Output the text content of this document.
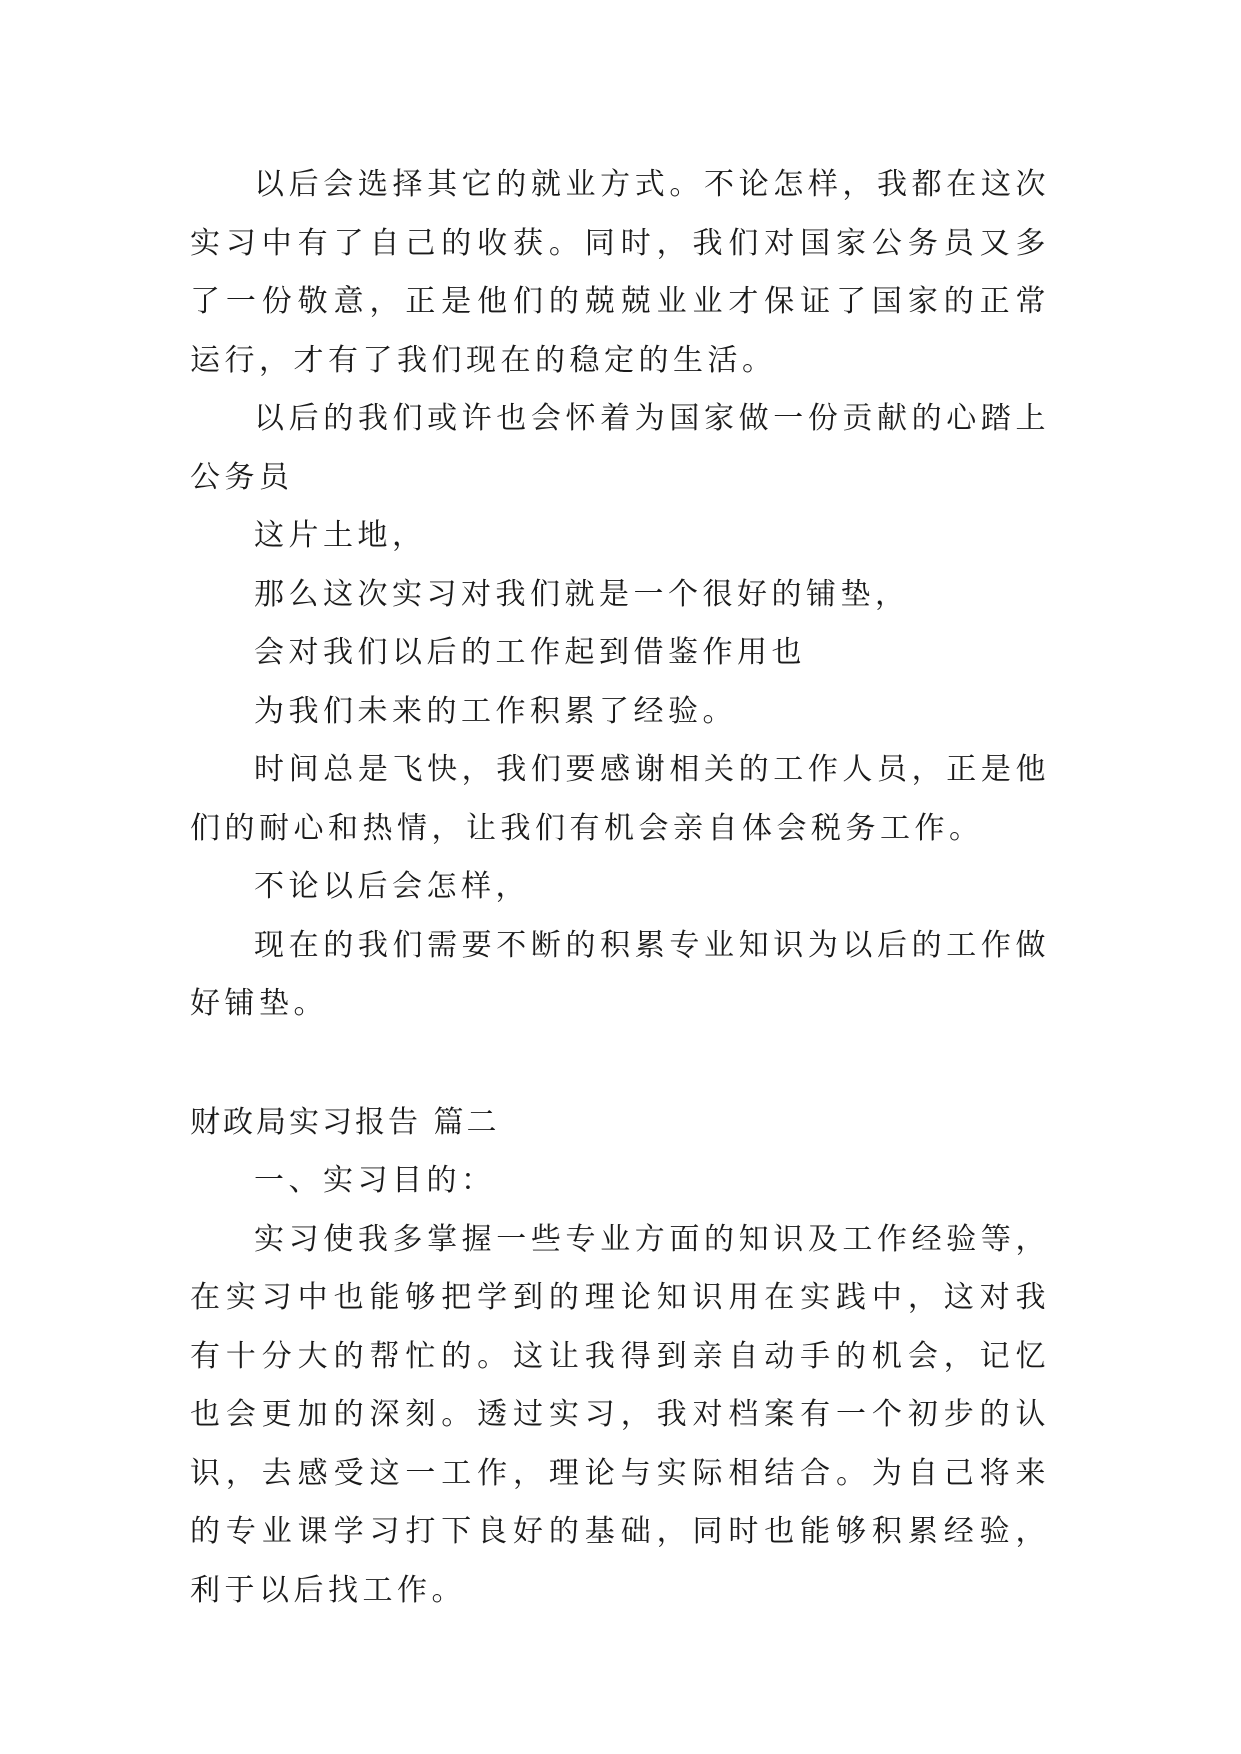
以后会选择其它的就业方式。不论怎样，我都在这次实习中有了自己的收获。同时，我们对国家公务员又多了一份敬意，正是他们的兢兢业业才保证了国家的正常运行，才有了我们现在的稳定的生活。

以后的我们或许也会怀着为国家做一份贡献的心踏上公务员

这片土地，

那么这次实习对我们就是一个很好的铺垫，

会对我们以后的工作起到借鉴作用也

为我们未来的工作积累了经验。

时间总是飞快，我们要感谢相关的工作人员，正是他们的耐心和热情，让我们有机会亲自体会税务工作。

不论以后会怎样，

现在的我们需要不断的积累专业知识为以后的工作做好铺垫。

财政局实习报告 篇二

一、实习目的：

实习使我多掌握一些专业方面的知识及工作经验等，在实习中也能够把学到的理论知识用在实践中，这对我有十分大的帮忙的。这让我得到亲自动手的机会，记忆也会更加的深刻。透过实习，我对档案有一个初步的认识，去感受这一工作，理论与实际相结合。为自己将来的专业课学习打下良好的基础，同时也能够积累经验，利于以后找工作。
